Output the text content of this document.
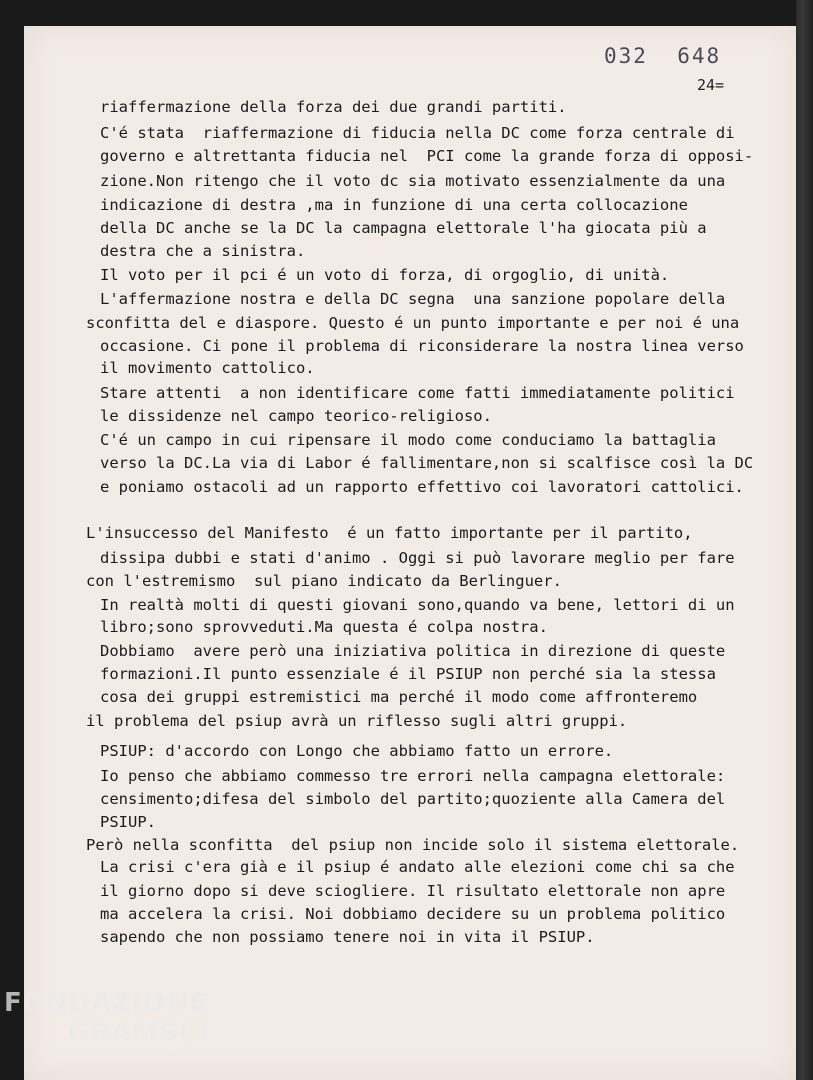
032  648
24=
riaffermazione della forza dei due grandi partiti.
C'é stata  riaffermazione di fiducia nella DC come forza centrale di
governo e altrettanta fiducia nel  PCI come la grande forza di opposi-
zione.Non ritengo che il voto dc sia motivato essenzialmente da una
indicazione di destra ,ma in funzione di una certa collocazione
della DC anche se la DC la campagna elettorale l'ha giocata più a
destra che a sinistra.
Il voto per il pci é un voto di forza, di orgoglio, di unità.
L'affermazione nostra e della DC segna  una sanzione popolare della
sconfitta del e diaspore. Questo é un punto importante e per noi é una
occasione. Ci pone il problema di riconsiderare la nostra linea verso
il movimento cattolico.
Stare attenti  a non identificare come fatti immediatamente politici
le dissidenze nel campo teorico-religioso.
C'é un campo in cui ripensare il modo come conduciamo la battaglia
verso la DC.La via di Labor é fallimentare,non si scalfisce così la DC
e poniamo ostacoli ad un rapporto effettivo coi lavoratori cattolici.
L'insuccesso del Manifesto  é un fatto importante per il partito,
dissipa dubbi e stati d'animo . Oggi si può lavorare meglio per fare
con l'estremismo  sul piano indicato da Berlinguer.
In realtà molti di questi giovani sono,quando va bene, lettori di un
libro;sono sprovveduti.Ma questa é colpa nostra.
Dobbiamo  avere però una iniziativa politica in direzione di queste
formazioni.Il punto essenziale é il PSIUP non perché sia la stessa
cosa dei gruppi estremistici ma perché il modo come affronteremo
il problema del psiup avrà un riflesso sugli altri gruppi.
PSIUP: d'accordo con Longo che abbiamo fatto un errore.
Io penso che abbiamo commesso tre errori nella campagna elettorale:
censimento;difesa del simbolo del partito;quoziente alla Camera del
PSIUP.
Però nella sconfitta  del psiup non incide solo il sistema elettorale.
La crisi c'era già e il psiup é andato alle elezioni come chi sa che
il giorno dopo si deve sciogliere. Il risultato elettorale non apre
ma accelera la crisi. Noi dobbiamo decidere su un problema politico
sapendo che non possiamo tenere noi in vita il PSIUP.
FONDAZIONE
GRAMSCI
onlus
